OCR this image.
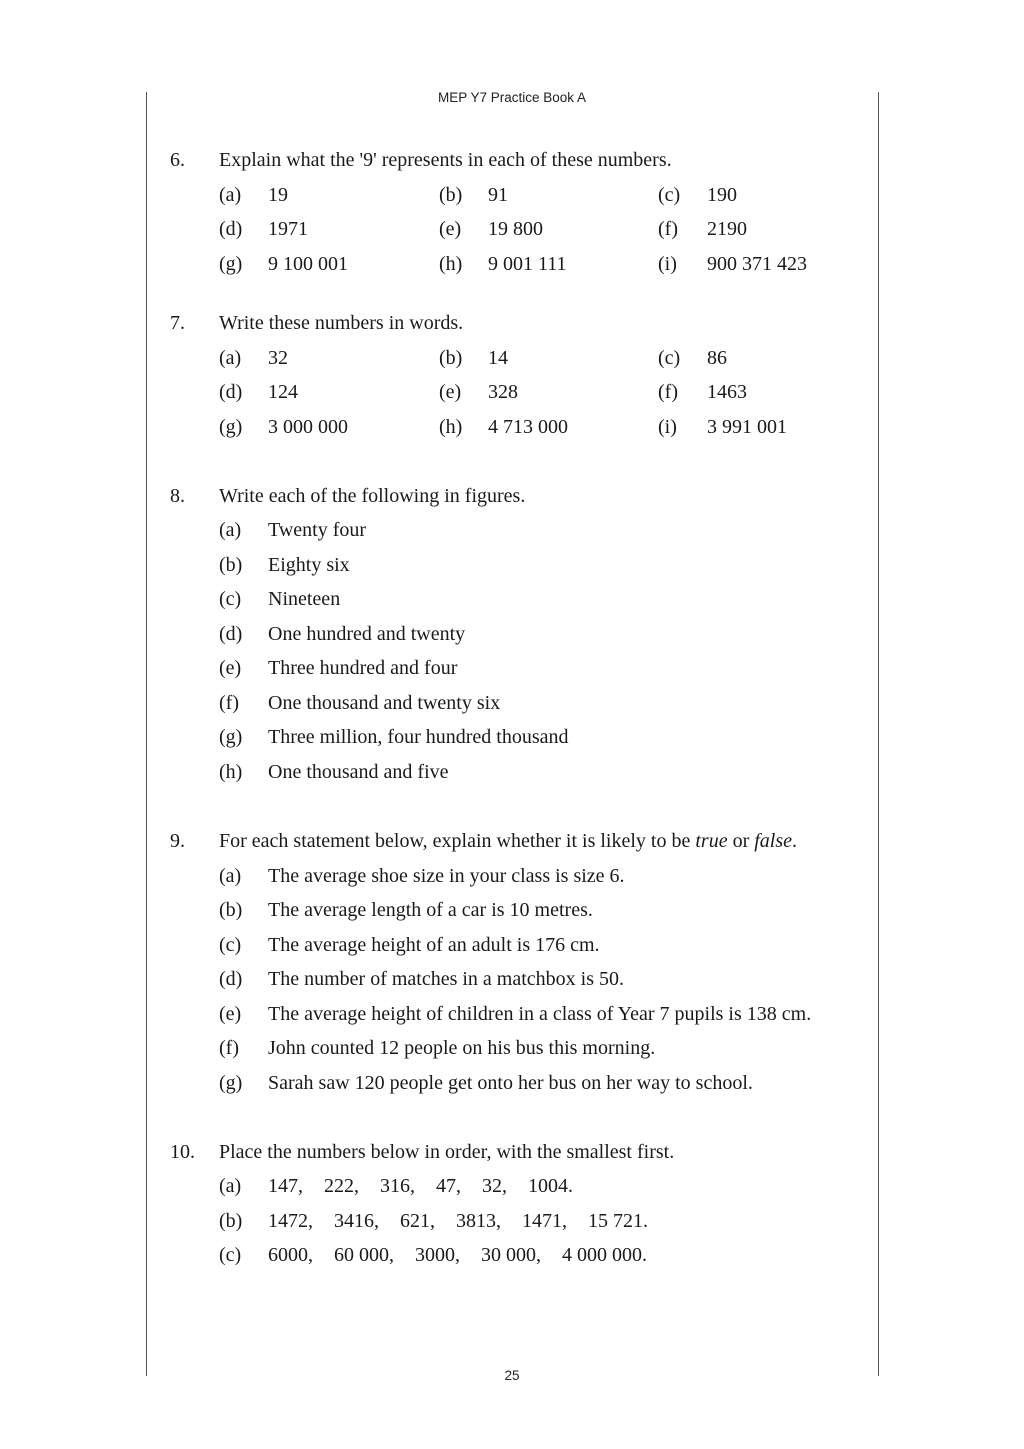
MEP Y7 Practice Book A
6. Explain what the '9' represents in each of these numbers.
(a) 19	(b) 91	(c) 190
(d) 1971	(e) 19 800	(f) 2190
(g) 9 100 001	(h) 9 001 111	(i) 900 371 423
7. Write these numbers in words.
(a) 32	(b) 14	(c) 86
(d) 124	(e) 328	(f) 1463
(g) 3 000 000	(h) 4 713 000	(i) 3 991 001
8. Write each of the following in figures.
(a) Twenty four
(b) Eighty six
(c) Nineteen
(d) One hundred and twenty
(e) Three hundred and four
(f) One thousand and twenty six
(g) Three million, four hundred thousand
(h) One thousand and five
9. For each statement below, explain whether it is likely to be true or false.
(a) The average shoe size in your class is size 6.
(b) The average length of a car is 10 metres.
(c) The average height of an adult is 176 cm.
(d) The number of matches in a matchbox is 50.
(e) The average height of children in a class of Year 7 pupils is 138 cm.
(f) John counted 12 people on his bus this morning.
(g) Sarah saw 120 people get onto her bus on her way to school.
10. Place the numbers below in order, with the smallest first.
(a) 147, 222, 316, 47, 32, 1004.
(b) 1472, 3416, 621, 3813, 1471, 15 721.
(c) 6000, 60 000, 3000, 30 000, 4 000 000.
25
